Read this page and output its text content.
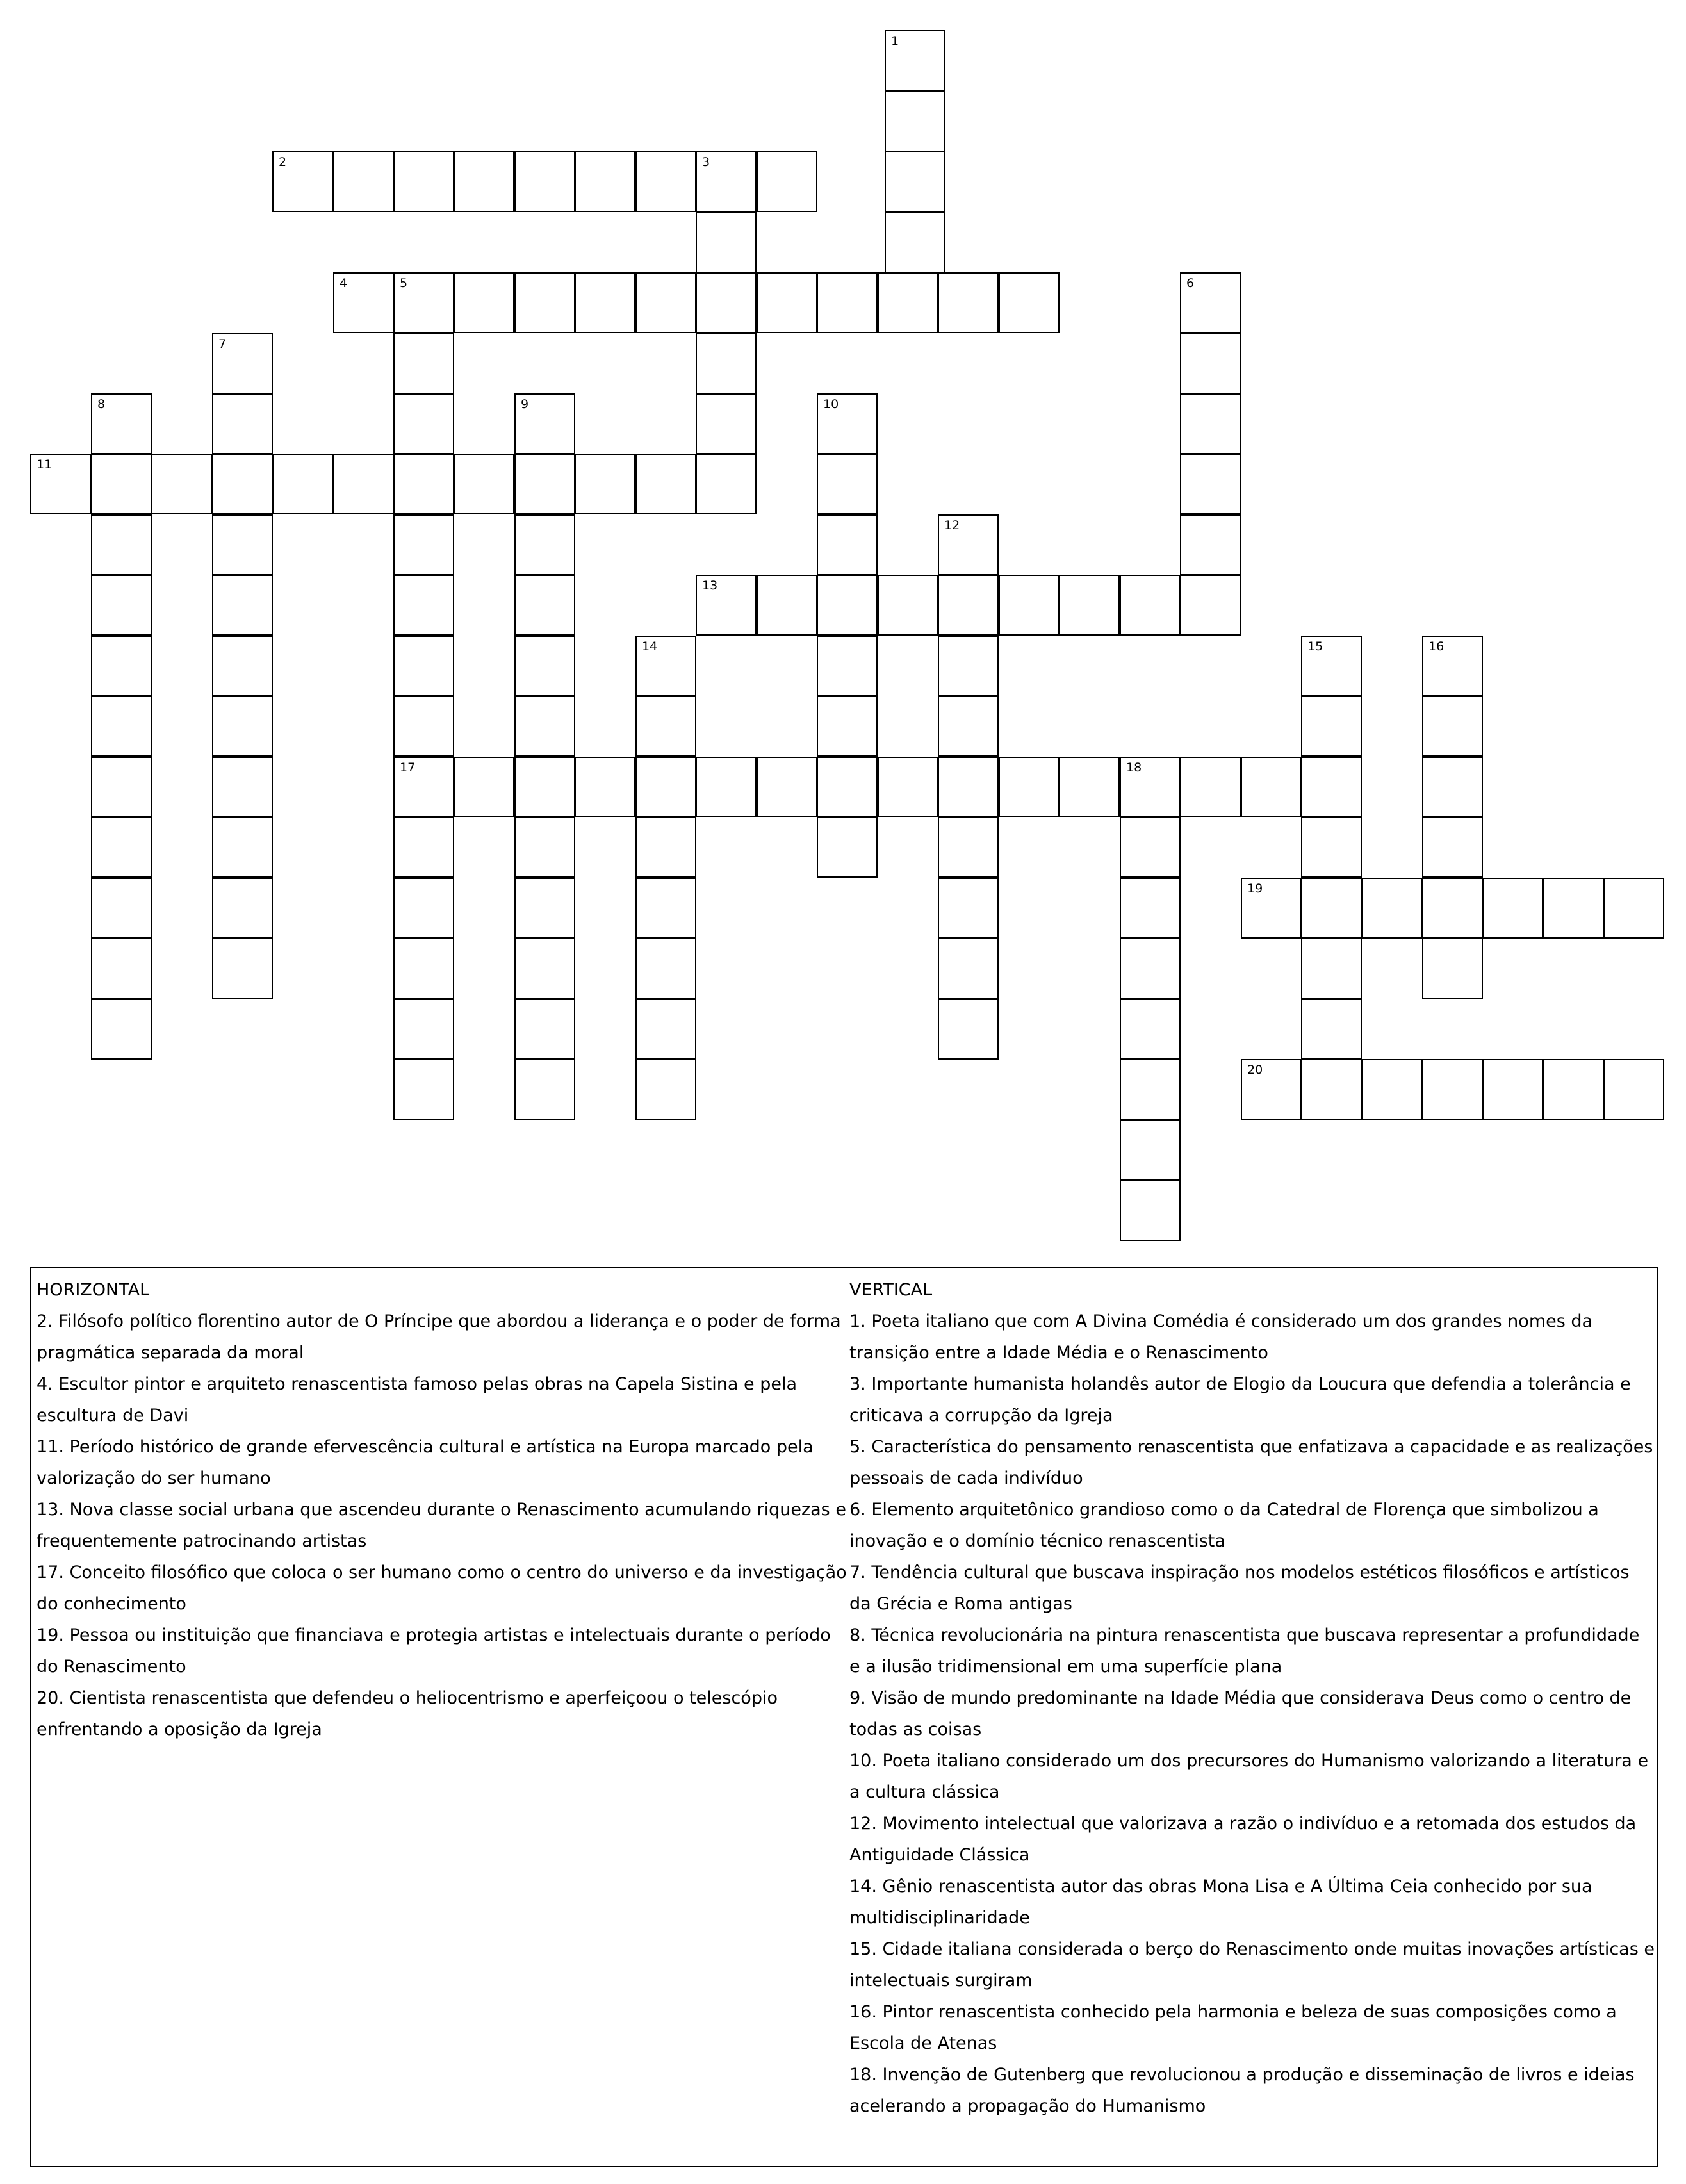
1
2	3
4	5	6
7
8	9	10
11
12
13
14	15	16
17	18
19
20
HORIZONTAL
2. Filósofo político florentino autor de O Príncipe que abordou a liderança e o poder de forma pragmática separada da moral
4. Escultor pintor e arquiteto renascentista famoso pelas obras na Capela Sistina e pela escultura de Davi
11. Período histórico de grande efervescência cultural e artística na Europa marcado pela valorização do ser humano
13. Nova classe social urbana que ascendeu durante o Renascimento acumulando riquezas e frequentemente patrocinando artistas
17. Conceito filosófico que coloca o ser humano como o centro do universo e da investigação do conhecimento
19. Pessoa ou instituição que financiava e protegia artistas e intelectuais durante o período do Renascimento
20. Cientista renascentista que defendeu o heliocentrismo e aperfeiçoou o telescópio enfrentando a oposição da Igreja
VERTICAL
1. Poeta italiano que com A Divina Comédia é considerado um dos grandes nomes da transição entre a Idade Média e o Renascimento
3. Importante humanista holandês autor de Elogio da Loucura que defendia a tolerância e criticava a corrupção da Igreja
5. Característica do pensamento renascentista que enfatizava a capacidade e as realizações pessoais de cada indivíduo
6. Elemento arquitetônico grandioso como o da Catedral de Florença que simbolizou a inovação e o domínio técnico renascentista
7. Tendência cultural que buscava inspiração nos modelos estéticos filosóficos e artísticos da Grécia e Roma antigas
8. Técnica revolucionária na pintura renascentista que buscava representar a profundidade e a ilusão tridimensional em uma superfície plana
9. Visão de mundo predominante na Idade Média que considerava Deus como o centro de todas as coisas
10. Poeta italiano considerado um dos precursores do Humanismo valorizando a literatura e a cultura clássica
12. Movimento intelectual que valorizava a razão o indivíduo e a retomada dos estudos da Antiguidade Clássica
14. Gênio renascentista autor das obras Mona Lisa e A Última Ceia conhecido por sua multidisciplinaridade
15. Cidade italiana considerada o berço do Renascimento onde muitas inovações artísticas e intelectuais surgiram
16. Pintor renascentista conhecido pela harmonia e beleza de suas composições como a Escola de Atenas
18. Invenção de Gutenberg que revolucionou a produção e disseminação de livros e ideias acelerando a propagação do Humanismo
